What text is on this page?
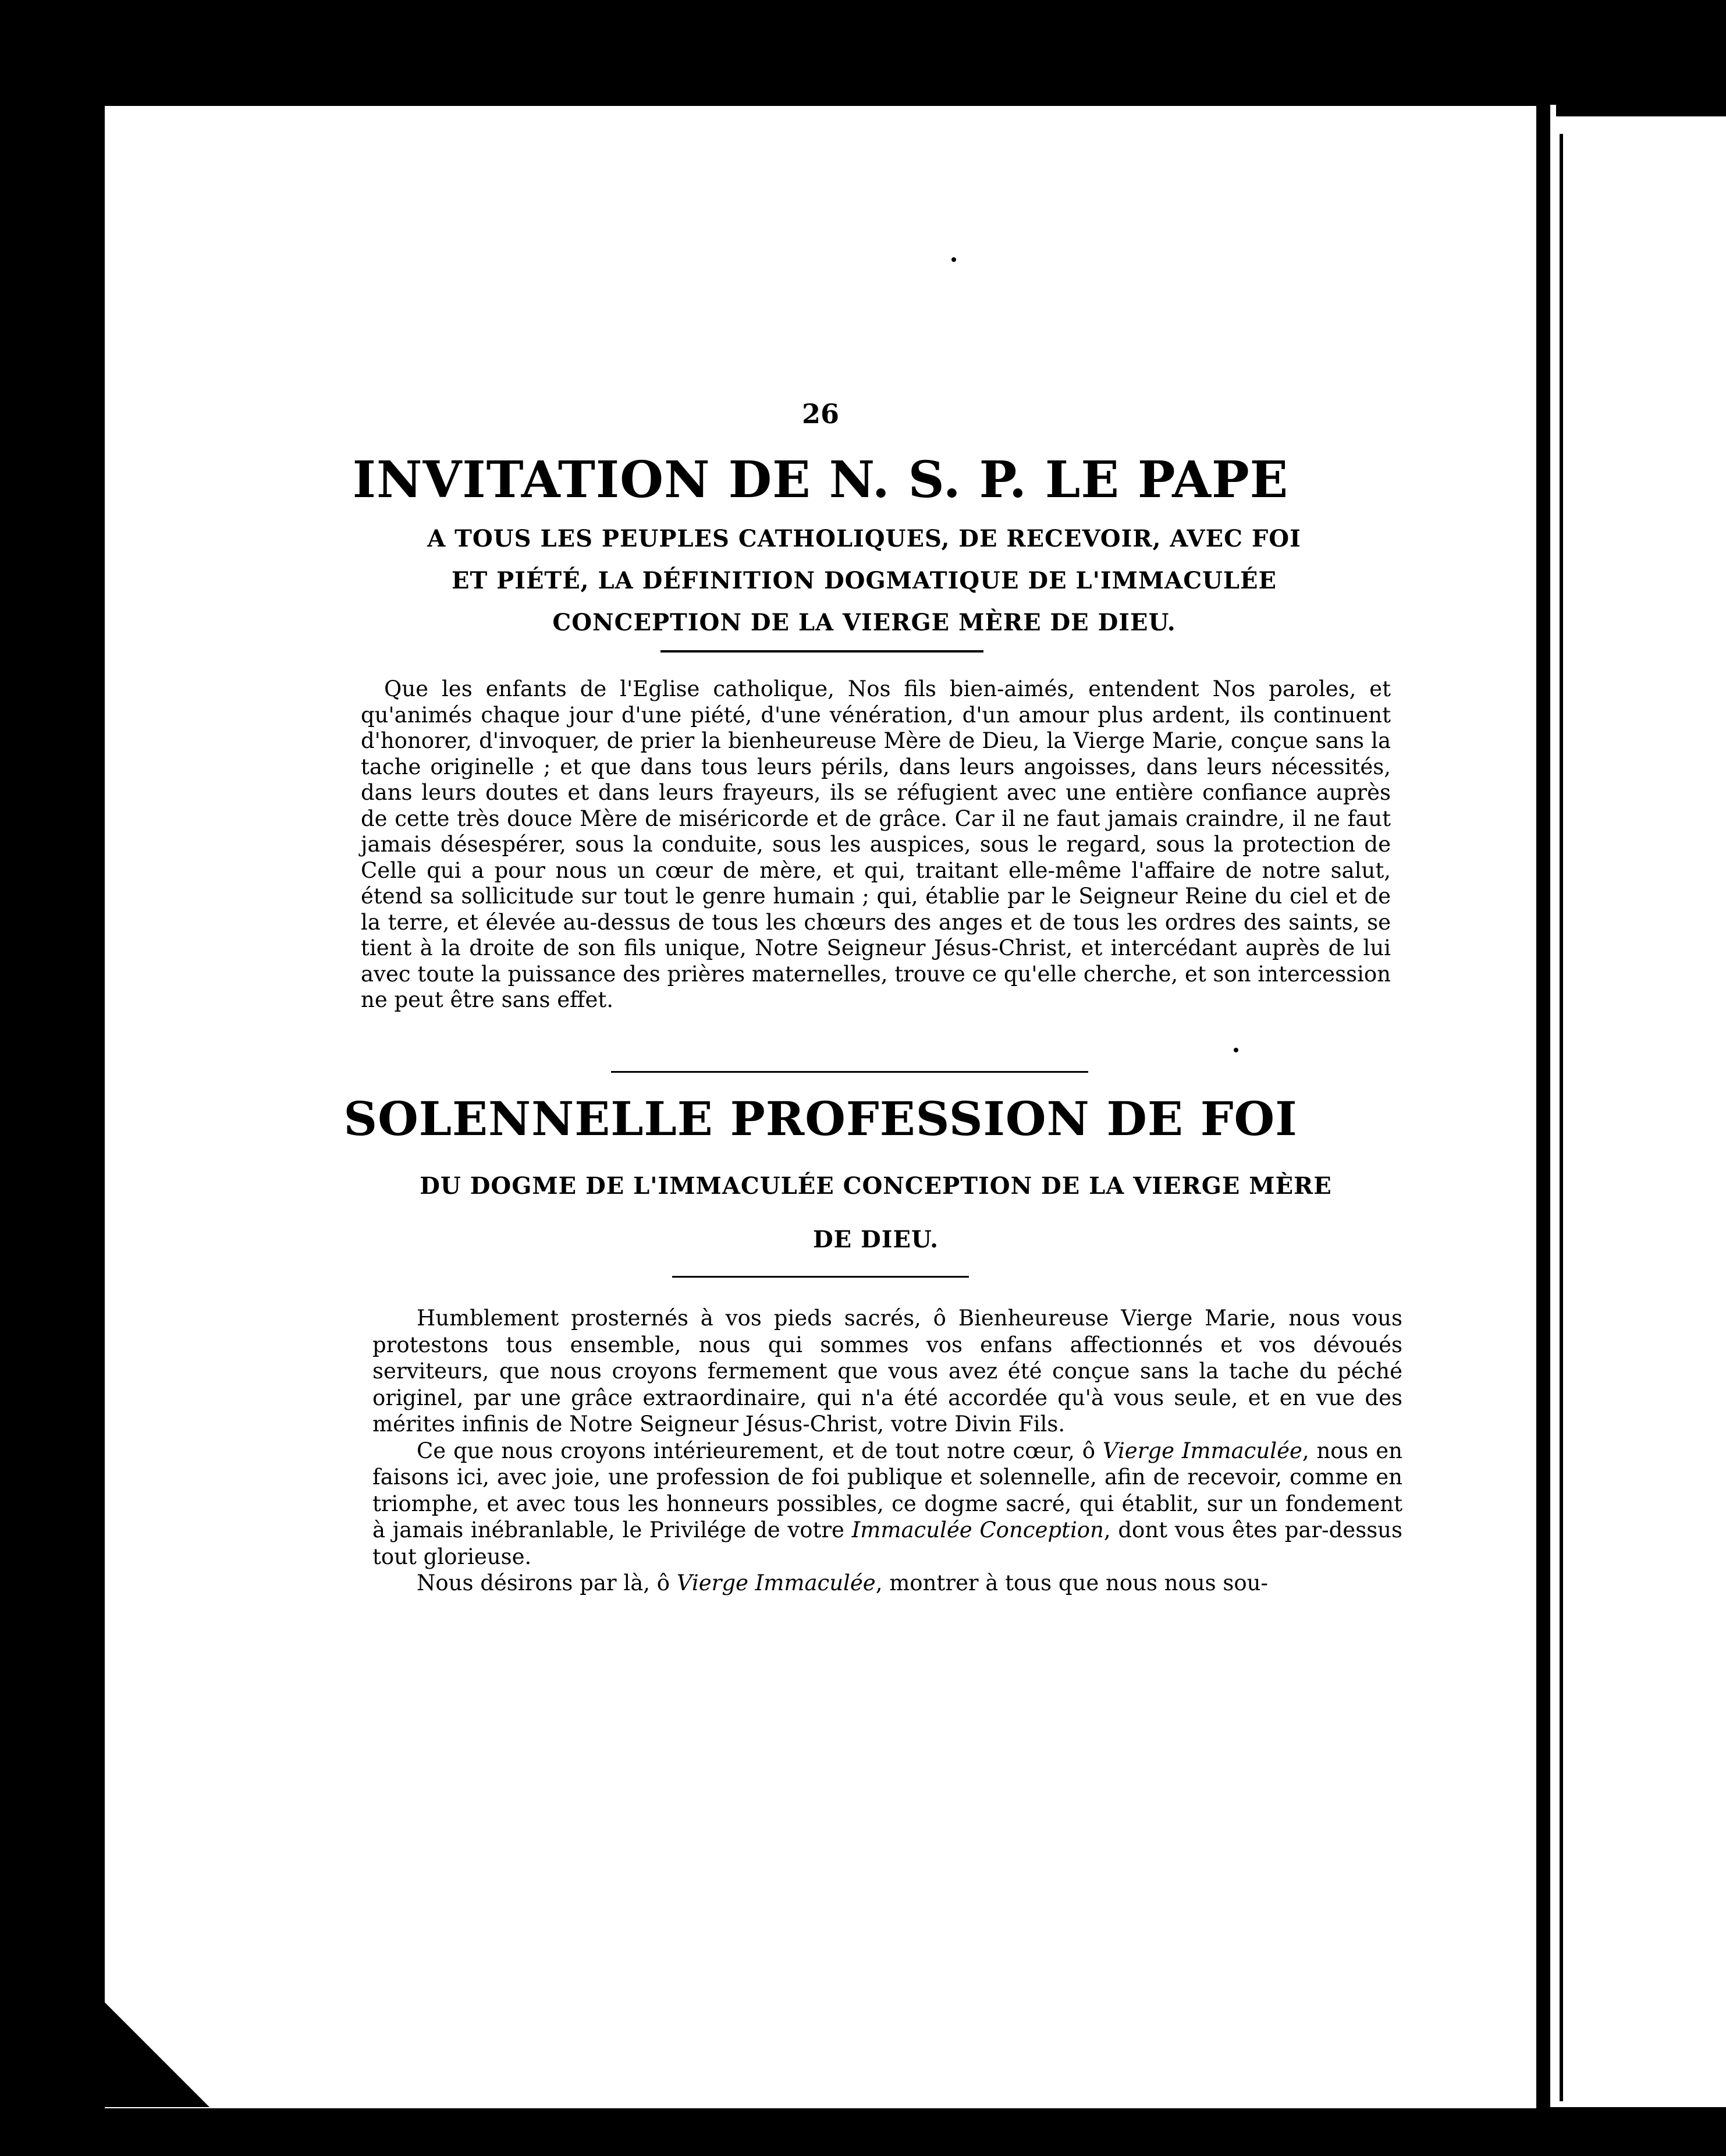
26
INVITATION DE N. S. P. LE PAPE
A TOUS LES PEUPLES CATHOLIQUES, DE RECEVOIR, AVEC FOI
ET PIÉTÉ, LA DÉFINITION DOGMATIQUE DE L'IMMACULÉE
CONCEPTION DE LA VIERGE MÈRE DE DIEU.
Que les enfants de l'Eglise catholique, Nos fils bien-aimés, entendent Nos paroles, et qu'animés chaque jour d'une piété, d'une vénération, d'un amour plus ardent, ils continuent d'honorer, d'invoquer, de prier la bienheureuse Mère de Dieu, la Vierge Marie, conçue sans la tache originelle ; et que dans tous leurs périls, dans leurs angoisses, dans leurs nécessités, dans leurs doutes et dans leurs frayeurs, ils se réfugient avec une entière confiance auprès de cette très douce Mère de miséricorde et de grâce. Car il ne faut jamais craindre, il ne faut jamais désespérer, sous la conduite, sous les auspices, sous le regard, sous la protection de Celle qui a pour nous un cœur de mère, et qui, traitant elle-même l'affaire de notre salut, étend sa sollicitude sur tout le genre humain ; qui, établie par le Seigneur Reine du ciel et de la terre, et élevée au-dessus de tous les chœurs des anges et de tous les ordres des saints, se tient à la droite de son fils unique, Notre Seigneur Jésus-Christ, et intercédant auprès de lui avec toute la puissance des prières maternelles, trouve ce qu'elle cherche, et son intercession ne peut être sans effet.
SOLENNELLE PROFESSION DE FOI
DU DOGME DE L'IMMACULÉE CONCEPTION DE LA VIERGE MÈRE
DE DIEU.

Humblement prosternés à vos pieds sacrés, ô Bienheureuse Vierge Marie, nous vous protestons tous ensemble, nous qui sommes vos enfans affectionnés et vos dévoués serviteurs, que nous croyons fermement que vous avez été conçue sans la tache du péché originel, par une grâce extraordinaire, qui n'a été accordée qu'à vous seule, et en vue des mérites infinis de Notre Seigneur Jésus-Christ, votre Divin Fils.

Ce que nous croyons intérieurement, et de tout notre cœur, ô Vierge Immaculée, nous en faisons ici, avec joie, une profession de foi publique et solennelle, afin de recevoir, comme en triomphe, et avec tous les honneurs possibles, ce dogme sacré, qui établit, sur un fondement à jamais inébranlable, le Privilége de votre Immaculée Conception, dont vous êtes par-dessus tout glorieuse.

Nous désirons par là, ô Vierge Immaculée, montrer à tous que nous nous sou-
